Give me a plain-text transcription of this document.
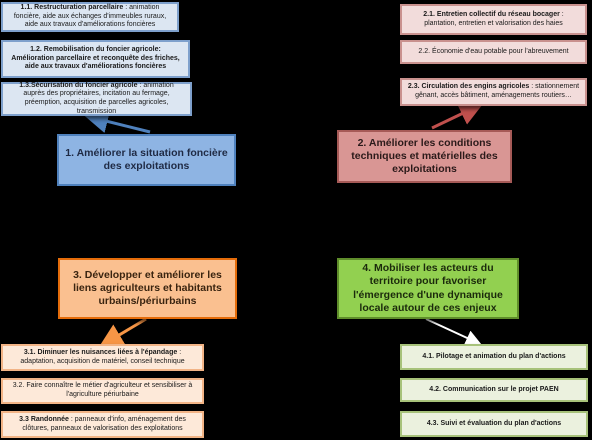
1.1. Restructuration parcellaire : animation foncière, aide aux échanges d'immeubles ruraux, aide aux travaux d'améliorations foncières
1.2. Remobilisation du foncier agricole: Amélioration parcellaire et reconquête des friches, aide aux travaux d'améliorations foncières
1.3.Sécurisation du foncier agricole : animation auprès des propriétaires, incitation au fermage, préemption, acquisition de parcelles agricoles, transmission
1. Améliorer la situation foncière des exploitations
2.1. Entretien collectif du réseau bocager : plantation, entretien et valorisation des haies
2.2. Économie d'eau potable pour l'abreuvement
2.3. Circulation des engins agricoles : stationnement gênant, accès bâtiment, aménagements routiers…
2. Améliorer les conditions techniques et matérielles des exploitations
3. Développer et améliorer les liens agriculteurs et habitants urbains/périurbains
4. Mobiliser les acteurs du territoire pour favoriser l'émergence d'une dynamique locale autour de ces enjeux
3.1. Diminuer les nuisances liées à l'épandage : adaptation, acquisition de matériel, conseil technique
3.2. Faire connaître le métier d'agriculteur et sensibiliser à l'agriculture périurbaine
3.3 Randonnée : panneaux d'info, aménagement des clôtures, panneaux de valorisation des exploitations
4.1. Pilotage et animation du plan d'actions
4.2. Communication sur le projet PAEN
4.3. Suivi et évaluation du plan d'actions
